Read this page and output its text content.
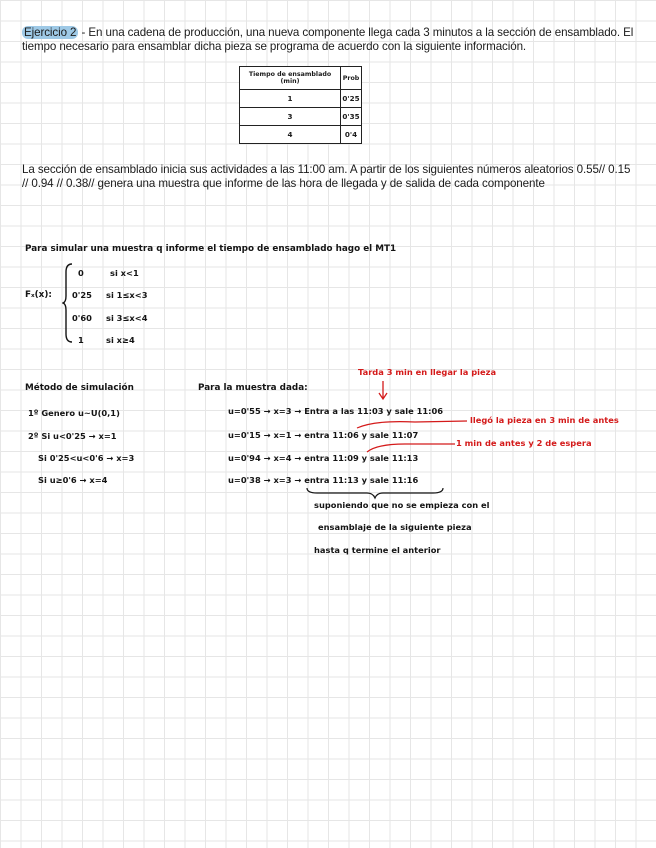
Ejercicio 2 - En una cadena de producción, una nueva componente llega cada 3 minutos a la sección de ensamblado. El tiempo necesario para ensamblar dicha pieza se programa de acuerdo con la siguiente información.
Tiempo de ensamblado (min)	Prob
1	0'25
3	0'35
4	0'4
La sección de ensamblado inicia sus actividades a las 11:00 am. A partir de los siguientes números aleatorios 0.55// 0.15 // 0.94 // 0.38// genera una muestra que informe de las hora de llegada y de salida de cada componente
Para simular una muestra q informe el tiempo de ensamblado hago el MT1
Fₓ(x):
0	si x<1
0'25 si 1≤x<3
0'60 si 3≤x<4
1	si x≥4
Método de simulación
1º Genero u~U(0,1)
2º Si u<0'25 → x=1
Si 0'25<u<0'6 → x=3
Si u≥0'6 → x=4
Tarda 3 min en llegar la pieza
Para la muestra dada:
u=0'55 → x=3 → Entra a las 11:03 y sale 11:06
u=0'15 → x=1 → entra 11:06 y sale 11:07
u=0'94 → x=4 → entra 11:09 y sale 11:13
u=0'38 → x=3 → entra 11:13 y sale 11:16
llegó la pieza en 3 min de antes
1 min de antes y 2 de espera
suponiendo que no se empieza con el
ensamblaje de la siguiente pieza
hasta q termine el anterior
